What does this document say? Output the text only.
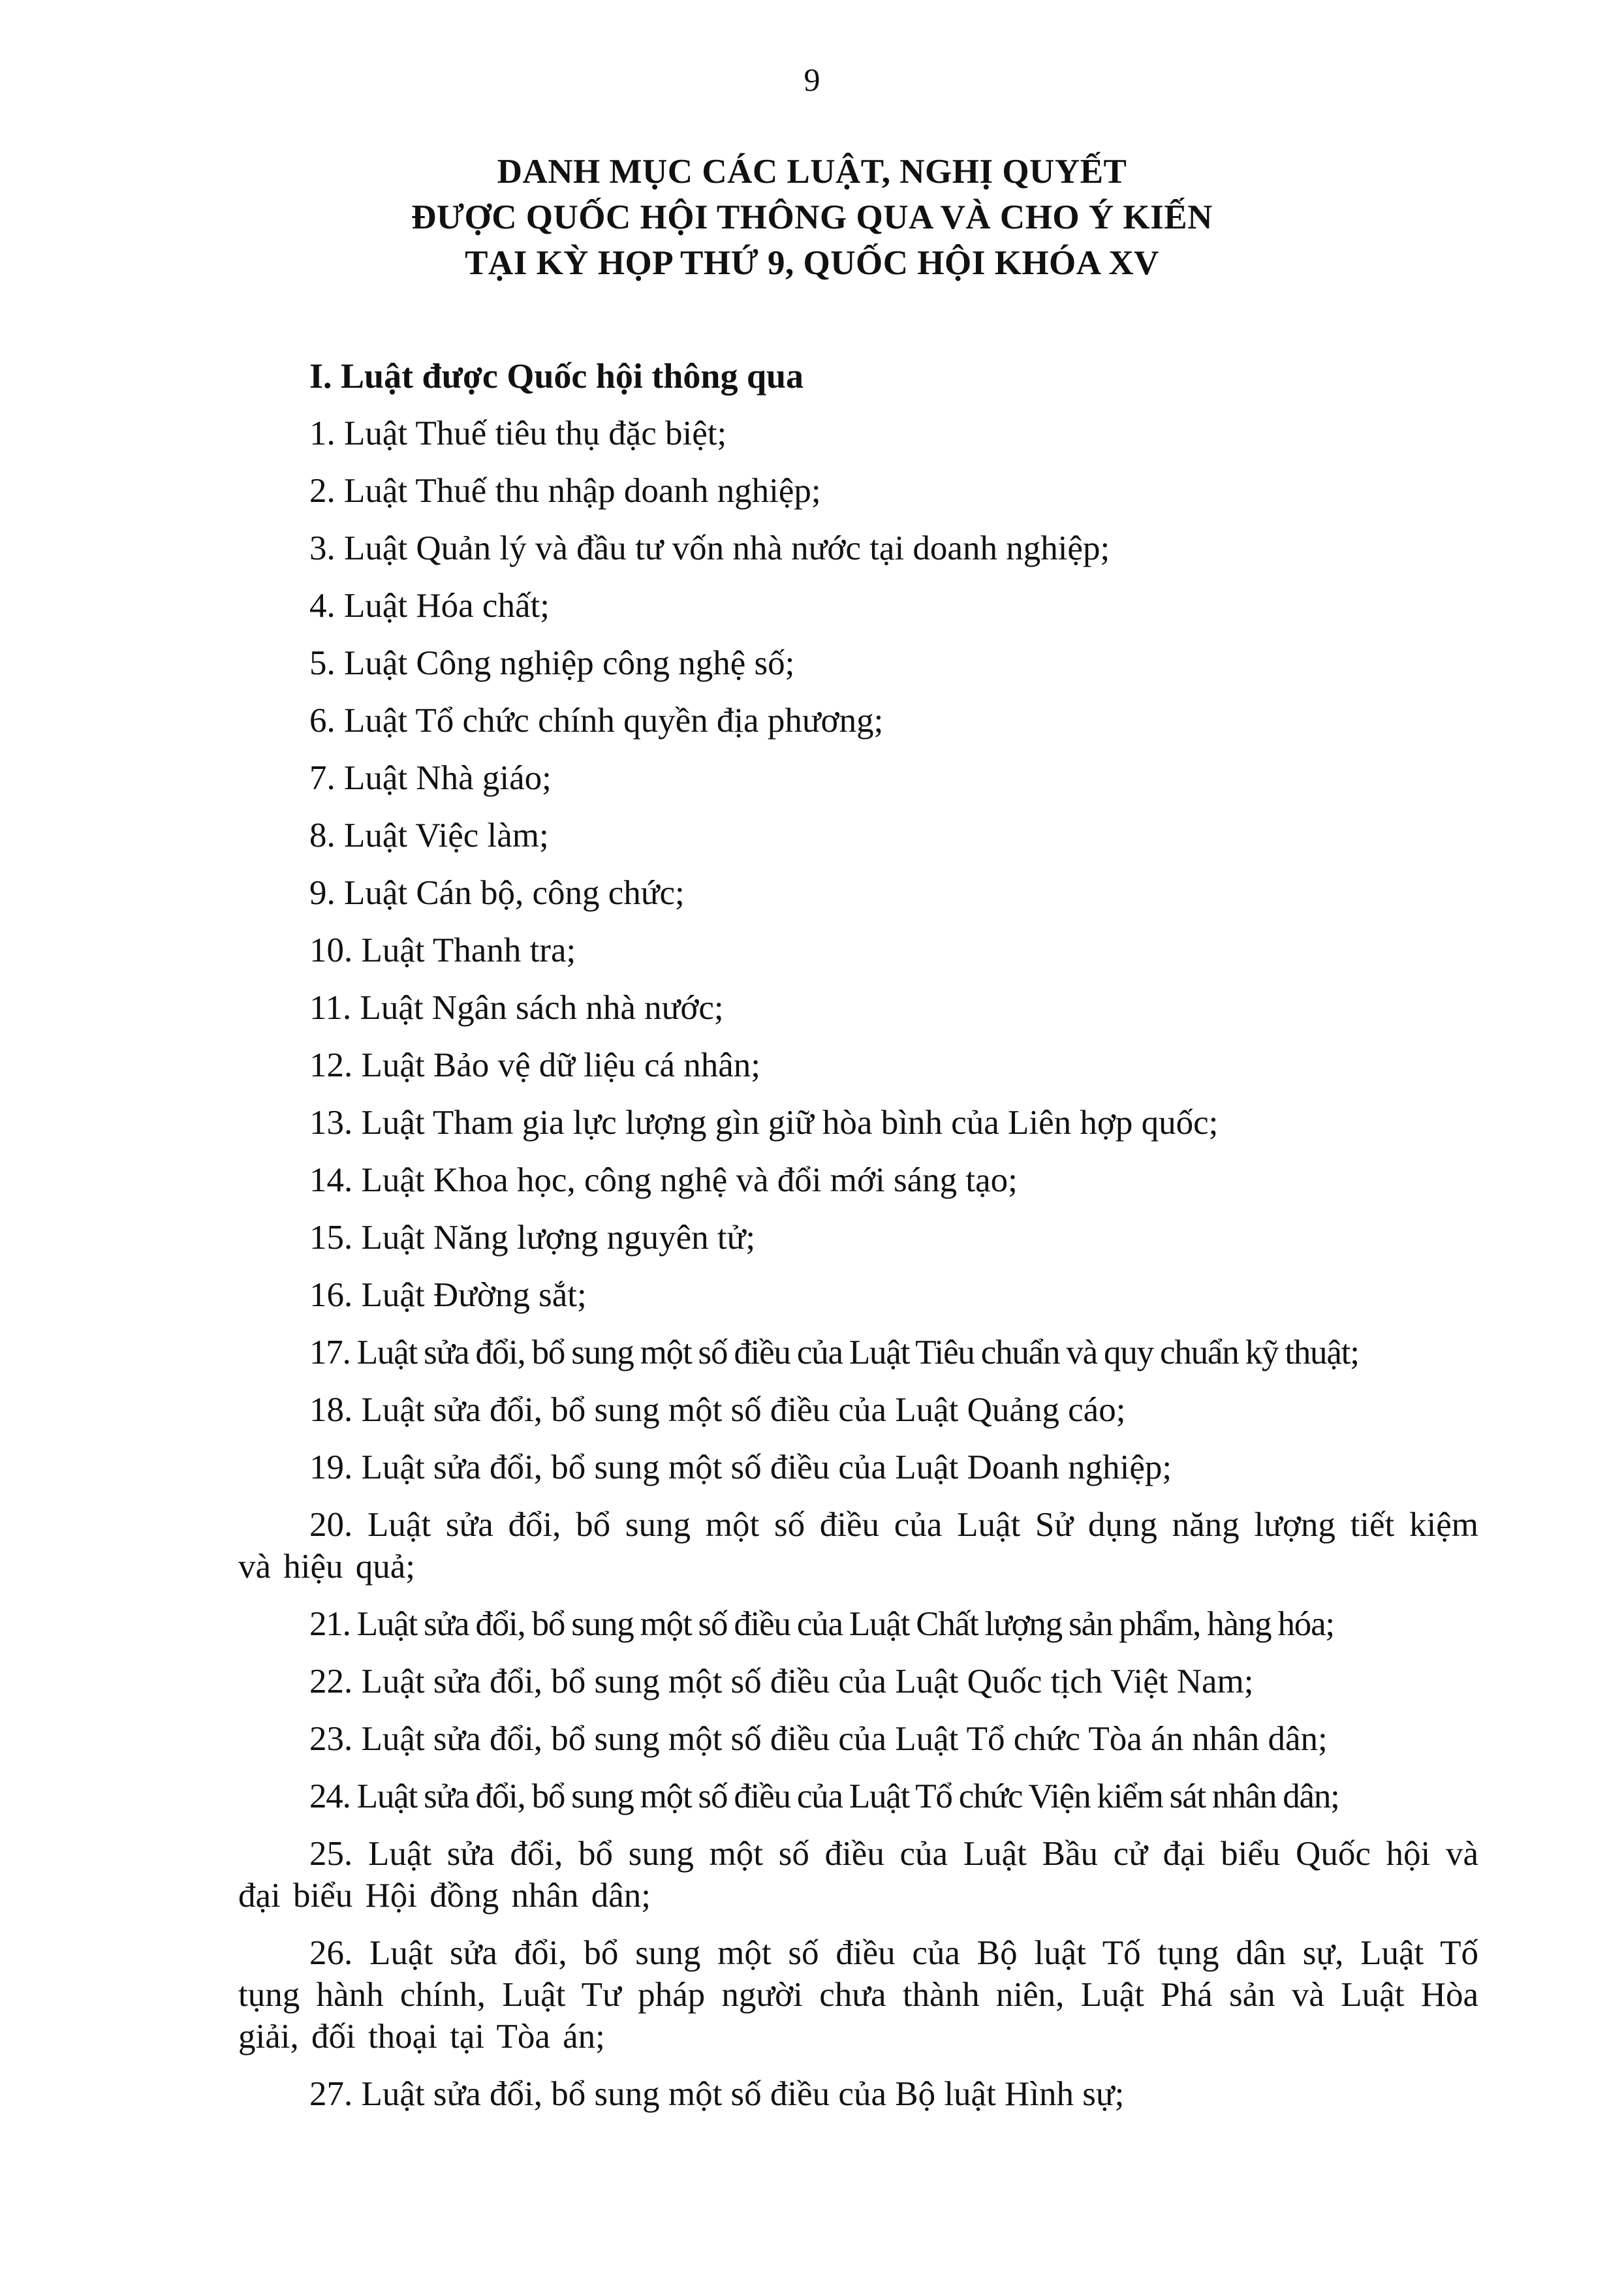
9
DANH MỤC CÁC LUẬT, NGHỊ QUYẾT
ĐƯỢC QUỐC HỘI THÔNG QUA VÀ CHO Ý KIẾN
TẠI KỲ HỌP THỨ 9, QUỐC HỘI KHÓA XV
I. Luật được Quốc hội thông qua
1. Luật Thuế tiêu thụ đặc biệt;
2. Luật Thuế thu nhập doanh nghiệp;
3. Luật Quản lý và đầu tư vốn nhà nước tại doanh nghiệp;
4. Luật Hóa chất;
5. Luật Công nghiệp công nghệ số;
6. Luật Tổ chức chính quyền địa phương;
7. Luật Nhà giáo;
8. Luật Việc làm;
9. Luật Cán bộ, công chức;
10. Luật Thanh tra;
11. Luật Ngân sách nhà nước;
12. Luật Bảo vệ dữ liệu cá nhân;
13. Luật Tham gia lực lượng gìn giữ hòa bình của Liên hợp quốc;
14. Luật Khoa học, công nghệ và đổi mới sáng tạo;
15. Luật Năng lượng nguyên tử;
16. Luật Đường sắt;
17. Luật sửa đổi, bổ sung một số điều của Luật Tiêu chuẩn và quy chuẩn kỹ thuật;
18. Luật sửa đổi, bổ sung một số điều của Luật Quảng cáo;
19. Luật sửa đổi, bổ sung một số điều của Luật Doanh nghiệp;
20. Luật sửa đổi, bổ sung một số điều của Luật Sử dụng năng lượng tiết kiệm và hiệu quả;
21. Luật sửa đổi, bổ sung một số điều của Luật Chất lượng sản phẩm, hàng hóa;
22. Luật sửa đổi, bổ sung một số điều của Luật Quốc tịch Việt Nam;
23. Luật sửa đổi, bổ sung một số điều của Luật Tổ chức Tòa án nhân dân;
24. Luật sửa đổi, bổ sung một số điều của Luật Tổ chức Viện kiểm sát nhân dân;
25. Luật sửa đổi, bổ sung một số điều của Luật Bầu cử đại biểu Quốc hội và đại biểu Hội đồng nhân dân;
26. Luật sửa đổi, bổ sung một số điều của Bộ luật Tố tụng dân sự, Luật Tố tụng hành chính, Luật Tư pháp người chưa thành niên, Luật Phá sản và Luật Hòa giải, đối thoại tại Tòa án;
27. Luật sửa đổi, bổ sung một số điều của Bộ luật Hình sự;
